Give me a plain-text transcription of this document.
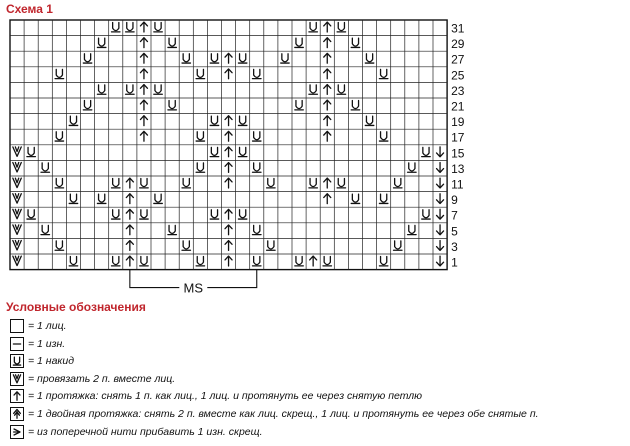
Схема 1
31
29
27
25
23
21
19
17
15
13
11
9
7
5
3
1
MS
Условные обозначения
= 1 лиц.
= 1 изн.
= 1 накид
= провязать 2 п. вместе лиц.
= 1 протяжка: снять 1 п. как лиц., 1 лиц. и протянуть ее через снятую петлю
= 1 двойная протяжка: снять 2 п. вместе как лиц. скрещ., 1 лиц. и протянуть ее через обе снятые п.
= из поперечной нити прибавить 1 изн. скрещ.
